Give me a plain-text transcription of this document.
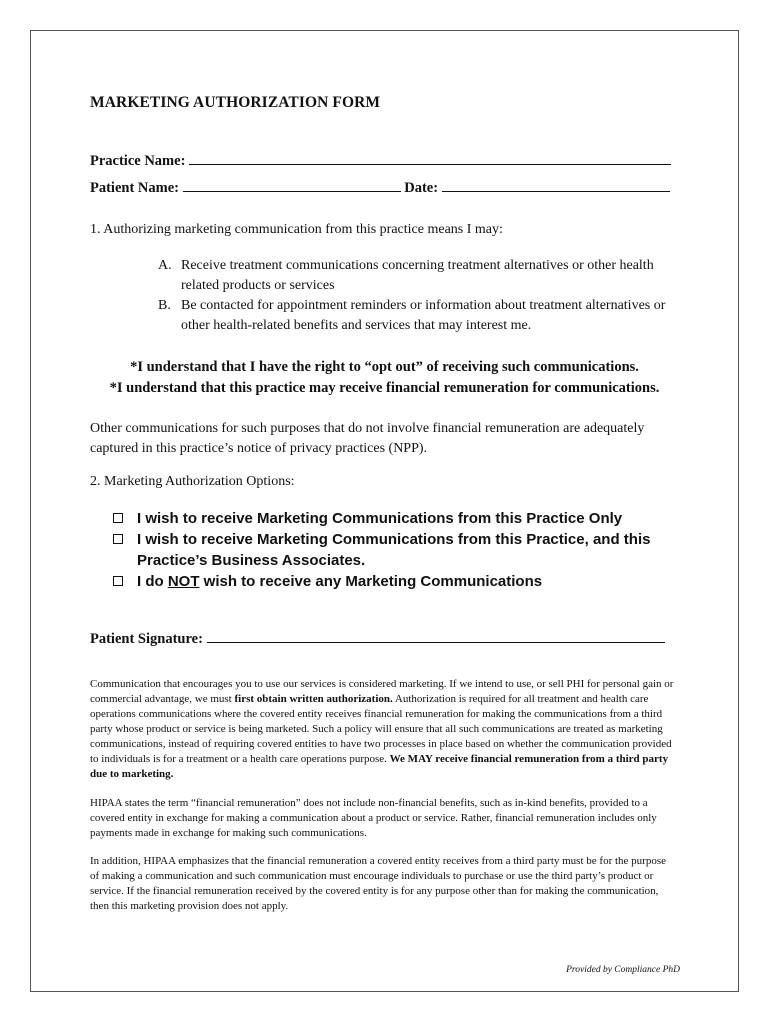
MARKETING AUTHORIZATION FORM
Practice Name:
Patient Name:	Date:
1. Authorizing marketing communication from this practice means I may:
A. Receive treatment communications concerning treatment alternatives or other health related products or services
B. Be contacted for appointment reminders or information about treatment alternatives or other health-related benefits and services that may interest me.
*I understand that I have the right to “opt out” of receiving such communications.
*I understand that this practice may receive financial remuneration for communications.
Other communications for such purposes that do not involve financial remuneration are adequately captured in this practice’s notice of privacy practices (NPP).
2. Marketing Authorization Options:
I wish to receive Marketing Communications from this Practice Only
I wish to receive Marketing Communications from this Practice, and this Practice’s Business Associates.
I do NOT wish to receive any Marketing Communications
Patient Signature:
Communication that encourages you to use our services is considered marketing. If we intend to use, or sell PHI for personal gain or commercial advantage, we must first obtain written authorization. Authorization is required for all treatment and health care operations communications where the covered entity receives financial remuneration for making the communications from a third party whose product or service is being marketed. Such a policy will ensure that all such communications are treated as marketing communications, instead of requiring covered entities to have two processes in place based on whether the communication provided to individuals is for a treatment or a health care operations purpose. We MAY receive financial remuneration from a third party due to marketing.
HIPAA states the term “financial remuneration” does not include non-financial benefits, such as in-kind benefits, provided to a covered entity in exchange for making a communication about a product or service. Rather, financial remuneration includes only payments made in exchange for making such communications.
In addition, HIPAA emphasizes that the financial remuneration a covered entity receives from a third party must be for the purpose of making a communication and such communication must encourage individuals to purchase or use the third party’s product or service. If the financial remuneration received by the covered entity is for any purpose other than for making the communication, then this marketing provision does not apply.
Provided by Compliance PhD
